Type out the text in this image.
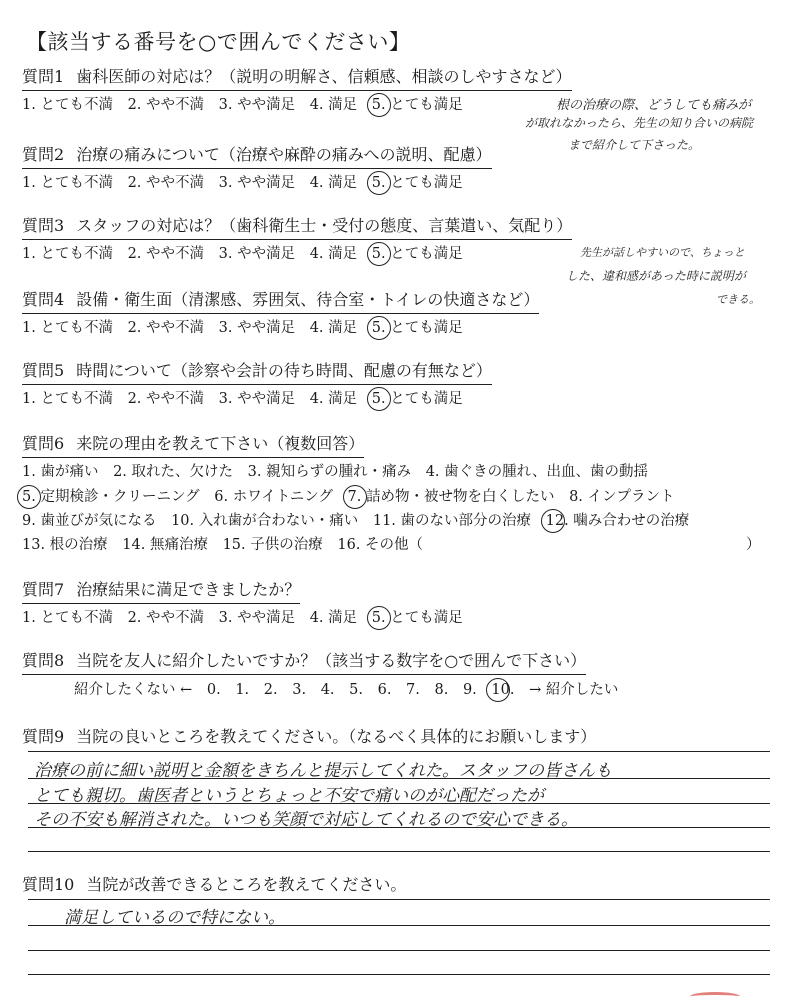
【該当する番号を○で囲んでください】
質問1 歯科医師の対応は？（説明の明解さ、信頼感、相談のしやすさなど）
1. とても不満 2. やや不満 3. やや満足 4. 満足 5. とても満足	根の治療の際、どうしても痛みが
が取れなかったら、先生の知り合いの病院
まで紹介して下さった。
質問2 治療の痛みについて（治療や麻酔の痛みへの説明、配慮）
1. とても不満 2. やや不満 3. やや満足 4. 満足 5. とても満足
質問3 スタッフの対応は？（歯科衛生士・受付の態度、言葉遣い、気配り）
1. とても不満 2. やや不満 3. やや満足 4. 満足 5. とても満足	先生が話しやすいので、ちょっと
した、違和感があった時に説明が
できる。
質問4 設備・衛生面（清潔感、雰囲気、待合室・トイレの快適さなど）
1. とても不満 2. やや不満 3. やや満足 4. 満足 5. とても満足
質問5 時間について（診察や会計の待ち時間、配慮の有無など）
1. とても不満 2. やや不満 3. やや満足 4. 満足 5. とても満足
質問6 来院の理由を教えて下さい（複数回答）
1. 歯が痛い 2. 取れた、欠けた 3. 親知らずの腫れ・痛み 4. 歯ぐきの腫れ、出血、歯の動揺
5. 定期検診・クリーニング 6. ホワイトニング 7. 詰め物・被せ物を白くしたい 8. インプラント
9. 歯並びが気になる 10. 入れ歯が合わない・痛い 11. 歯のない部分の治療 12. 噛み合わせの治療
13. 根の治療 14. 無痛治療 15. 子供の治療 16. その他（	）
質問7 治療結果に満足できましたか？
1. とても不満 2. やや不満 3. やや満足 4. 満足 5. とても満足
質問8 当院を友人に紹介したいですか？（該当する数字を○で囲んで下さい）
紹介したくない ← 0. 1. 2. 3. 4. 5. 6. 7. 8. 9. 10. → 紹介したい
質問9 当院の良いところを教えてください。（なるべく具体的にお願いします）
治療の前に細い説明と金額をきちんと提示してくれた。スタッフの皆さんも
とても親切。歯医者というとちょっと不安で痛いのが心配だったが
その不安も解消された。いつも笑顔で対応してくれるので安心できる。
質問10 当院が改善できるところを教えてください。
満足しているので特にない。
